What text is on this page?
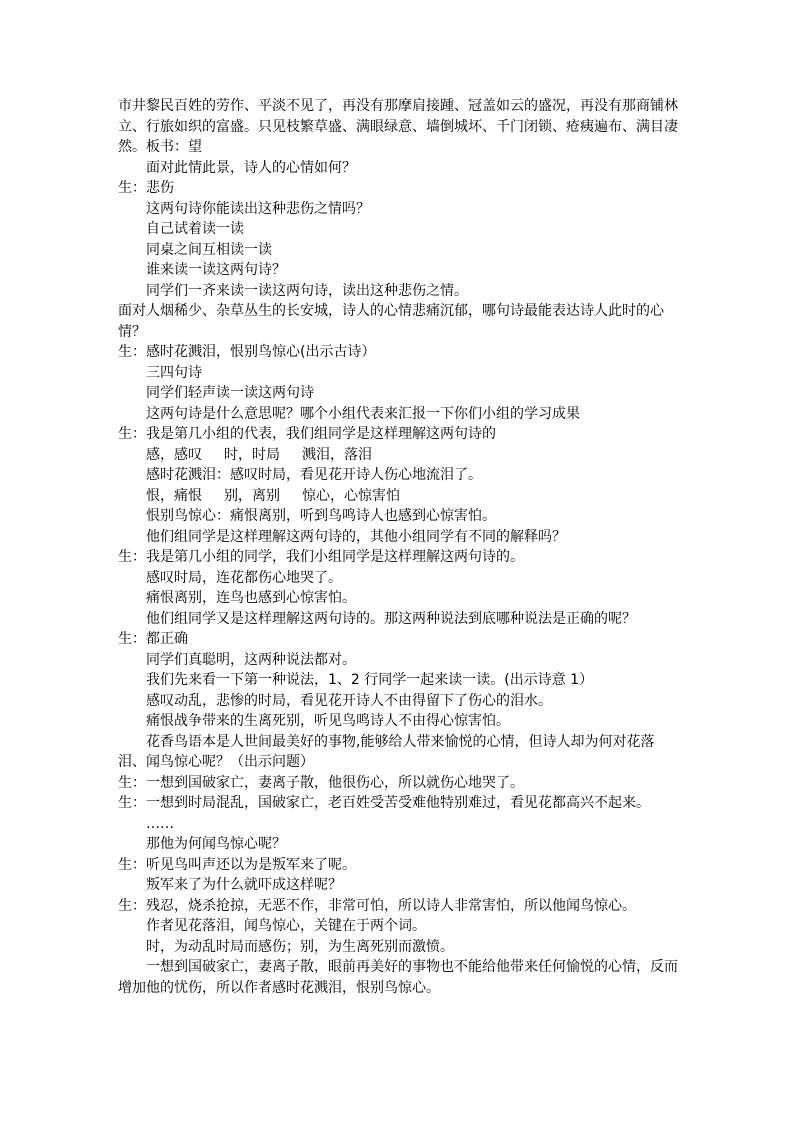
市井黎民百姓的劳作、平淡不见了，再没有那摩肩接踵、冠盖如云的盛况，再没有那商铺林立、行旅如织的富盛。只见枝繁草盛、满眼绿意、墙倒城坏、千门闭锁、疮痍遍布、满目凄然。板书：望
面对此情此景，诗人的心情如何？
生：悲伤
这两句诗你能读出这种悲伤之情吗？
自己试着读一读
同桌之间互相读一读
谁来读一读这两句诗？
同学们一齐来读一读这两句诗，读出这种悲伤之情。
面对人烟稀少、杂草丛生的长安城，诗人的心情悲痛沉郁，哪句诗最能表达诗人此时的心情？
生：感时花溅泪，恨别鸟惊心(出示古诗）
三四句诗
同学们轻声读一读这两句诗
这两句诗是什么意思呢？哪个小组代表来汇报一下你们小组的学习成果
生：我是第几小组的代表，我们组同学是这样理解这两句诗的
感，感叹 时，时局 溅泪，落泪
感时花溅泪：感叹时局，看见花开诗人伤心地流泪了。
恨，痛恨 别，离别 惊心，心惊害怕
恨别鸟惊心：痛恨离别，听到鸟鸣诗人也感到心惊害怕。
他们组同学是这样理解这两句诗的，其他小组同学有不同的解释吗？
生：我是第几小组的同学，我们小组同学是这样理解这两句诗的。
感叹时局，连花都伤心地哭了。
痛恨离别，连鸟也感到心惊害怕。
他们组同学又是这样理解这两句诗的。那这两种说法到底哪种说法是正确的呢？
生：都正确
同学们真聪明，这两种说法都对。
我们先来看一下第一种说法，1、2 行同学一起来读一读。(出示诗意 1）
感叹动乱，悲惨的时局，看见花开诗人不由得留下了伤心的泪水。
痛恨战争带来的生离死别，听见鸟鸣诗人不由得心惊害怕。
花香鸟语本是人世间最美好的事物,能够给人带来愉悦的心情，但诗人却为何对花落泪、闻鸟惊心呢？（出示问题）
生：一想到国破家亡，妻离子散，他很伤心，所以就伤心地哭了。
生：一想到时局混乱，国破家亡，老百姓受苦受难他特别难过，看见花都高兴不起来。
……
那他为何闻鸟惊心呢？
生：听见鸟叫声还以为是叛军来了呢。
叛军来了为什么就吓成这样呢？
生：残忍，烧杀抢掠，无恶不作，非常可怕，所以诗人非常害怕，所以他闻鸟惊心。
作者见花落泪，闻鸟惊心，关键在于两个词。
时，为动乱时局而感伤；别，为生离死别而激愤。
一想到国破家亡，妻离子散，眼前再美好的事物也不能给他带来任何愉悦的心情，反而增加他的忧伤，所以作者感时花溅泪，恨别鸟惊心。
